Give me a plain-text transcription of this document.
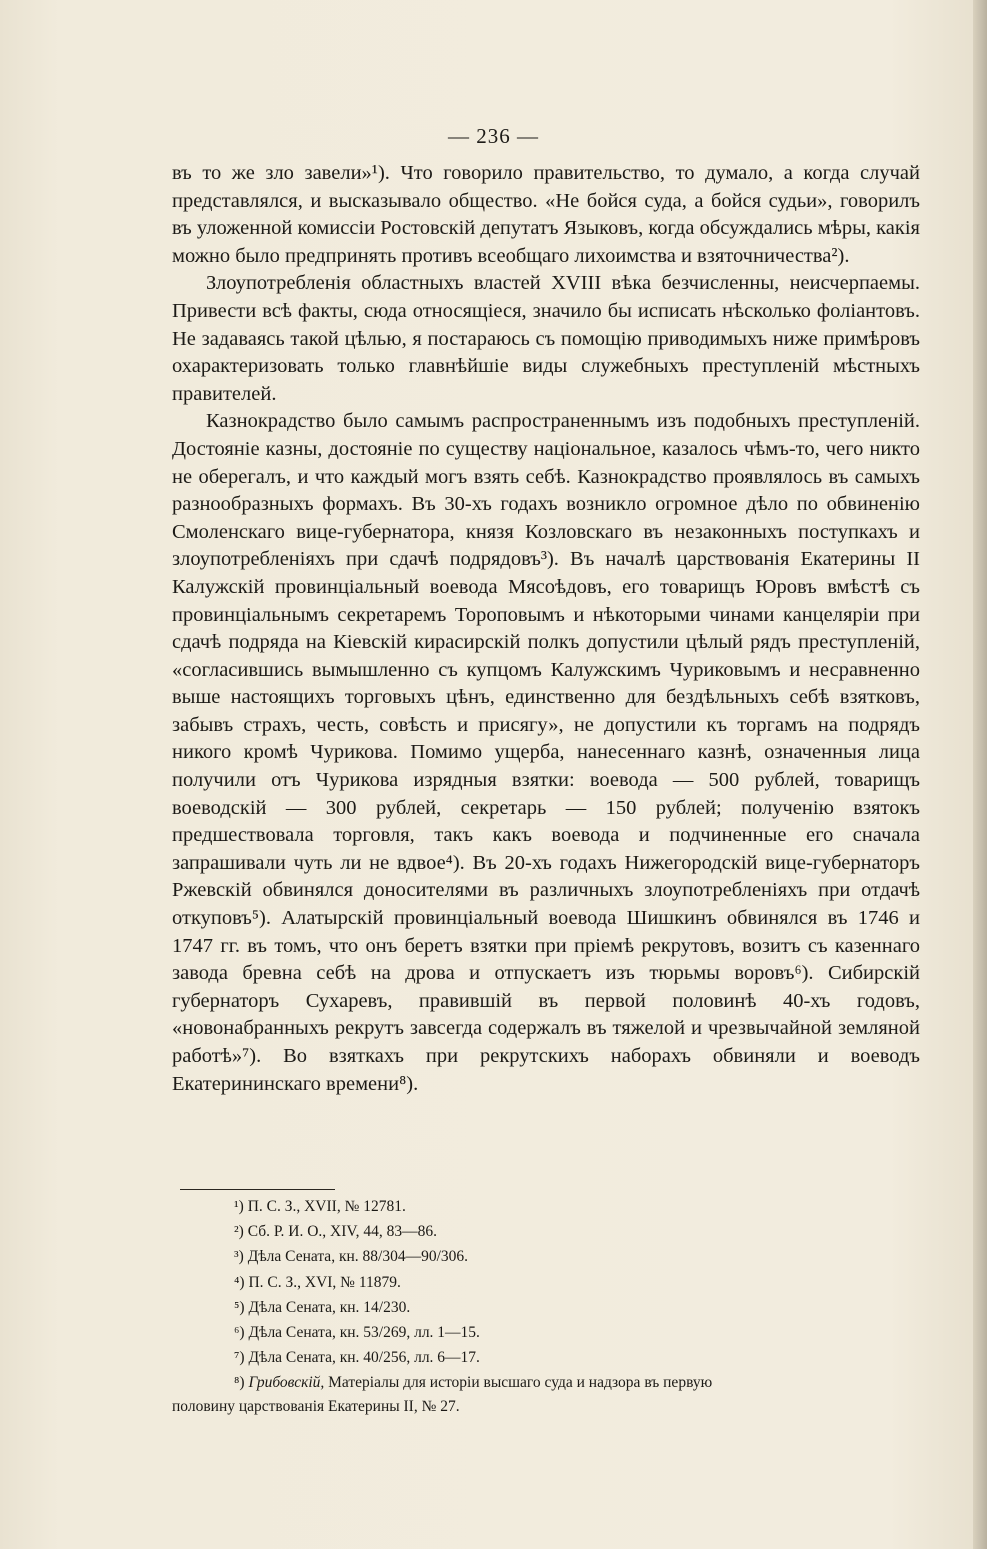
— 236 —

въ то же зло завели»¹). Что говорило правительство, то думало, а когда случай представлялся, и высказывало общество. «Не бойся суда, а бойся судьи», говорилъ въ уложенной комиссіи Ростовскій депутатъ Языковъ, когда обсуждались мѣры, какія можно было предпринять противъ всеобщаго лихоимства и взяточничества²).

Злоупотребленія областныхъ властей XVIII вѣка безчисленны, неисчерпаемы. Привести всѣ факты, сюда относящіеся, значило бы исписать нѣсколько фоліантовъ. Не задаваясь такой цѣлью, я постараюсь съ помощію приводимыхъ ниже примѣровъ охарактеризовать только главнѣйшіе виды служебныхъ преступленій мѣстныхъ правителей.

Казнокрадство было самымъ распространеннымъ изъ подобныхъ преступленій. Достояніе казны, достояніе по существу національное, казалось чѣмъ-то, чего никто не оберегалъ, и что каждый могъ взять себѣ. Казнокрадство проявлялось въ самыхъ разнообразныхъ формахъ. Въ 30-хъ годахъ возникло огромное дѣло по обвиненію Смоленскаго вице-губернатора, князя Козловскаго въ незаконныхъ поступкахъ и злоупотребленіяхъ при сдачѣ подрядовъ³). Въ началѣ царствованія Екатерины II Калужскій провинціальный воевода Мясоѣдовъ, его товарищъ Юровъ вмѣстѣ съ провинціальнымъ секретаремъ Тороповымъ и нѣкоторыми чинами канцеляріи при сдачѣ подряда на Кіевскій кирасирскій полкъ допустили цѣлый рядъ преступленій, «согласившись вымышленно съ купцомъ Калужскимъ Чуриковымъ и несравненно выше настоящихъ торговыхъ цѣнъ, единственно для бездѣльныхъ себѣ взятковъ, забывъ страхъ, честь, совѣсть и присягу», не допустили къ торгамъ на подрядъ никого кромѣ Чурикова. Помимо ущерба, нанесеннаго казнѣ, означенныя лица получили отъ Чурикова изрядныя взятки: воевода — 500 рублей, товарищъ воеводскій — 300 рублей, секретарь — 150 рублей; полученію взятокъ предшествовала торговля, такъ какъ воевода и подчиненные его сначала запрашивали чуть ли не вдвое⁴). Въ 20-хъ годахъ Нижегородскій вице-губернаторъ Ржевскій обвинялся доносителями въ различныхъ злоупотребленіяхъ при отдачѣ откуповъ⁵). Алатырскій провинціальный воевода Шишкинъ обвинялся въ 1746 и 1747 гг. въ томъ, что онъ беретъ взятки при пріемѣ рекрутовъ, возитъ съ казеннаго завода бревна себѣ на дрова и отпускаетъ изъ тюрьмы воровъ⁶). Сибирскій губернаторъ Сухаревъ, правившій въ первой половинѣ 40-хъ годовъ, «новонабранныхъ рекрутъ завсегда содержалъ въ тяжелой и чрезвычайной земляной работѣ»⁷). Во взяткахъ при рекрутскихъ наборахъ обвиняли и воеводъ Екатерининскаго времени⁸).

¹) П. С. З., XVII, № 12781.
²) Сб. Р. И. О., XIV, 44, 83—86.
³) Дѣла Сената, кн. 88/304—90/306.
⁴) П. С. З., XVI, № 11879.
⁵) Дѣла Сената, кн. 14/230.
⁶) Дѣла Сената, кн. 53/269, лл. 1—15.
⁷) Дѣла Сената, кн. 40/256, лл. 6—17.
⁸) Грибовскій, Матеріалы для исторіи высшаго суда и надзора въ первую
половину царствованія Екатерины II, № 27.
